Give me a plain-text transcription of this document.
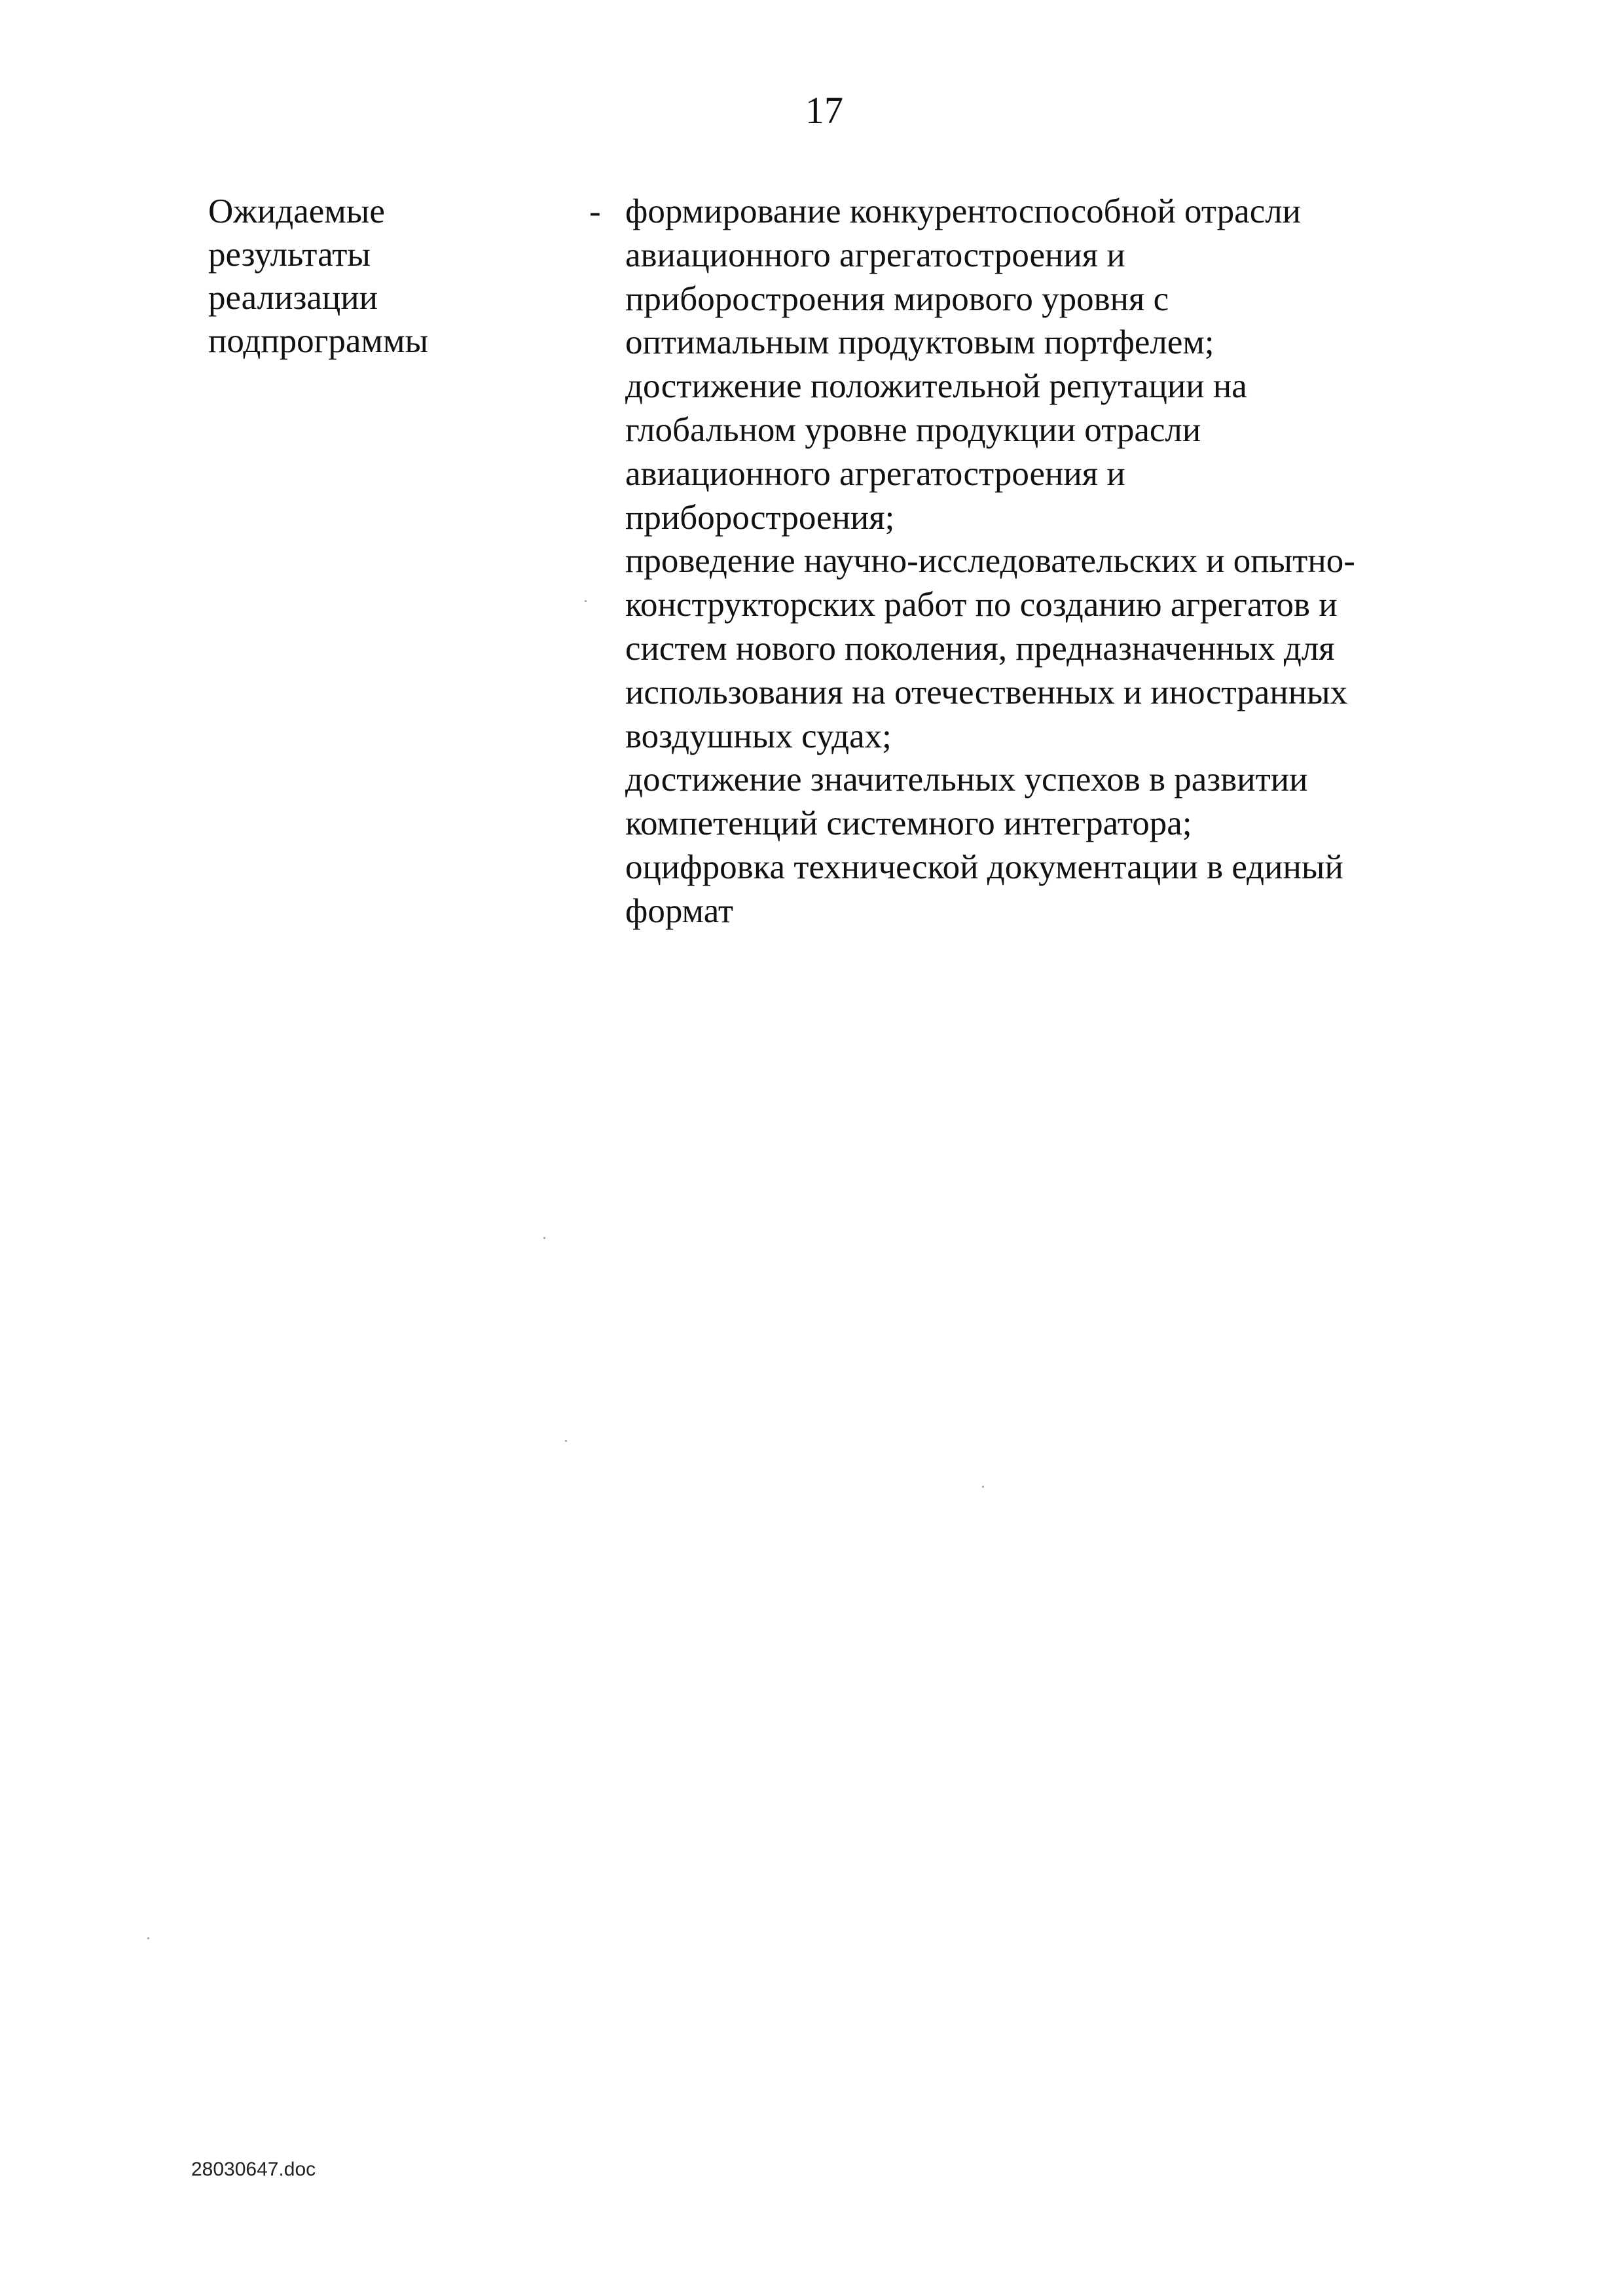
17
Ожидаемые
результаты
реализации
подпрограммы
- формирование конкурентоспособной отрасли
авиационного агрегатостроения и
приборостроения мирового уровня с
оптимальным продуктовым портфелем;
достижение положительной репутации на
глобальном уровне продукции отрасли
авиационного агрегатостроения и
приборостроения;
проведение научно-исследовательских и опытно-
конструкторских работ по созданию агрегатов и
систем нового поколения, предназначенных для
использования на отечественных и иностранных
воздушных судах;
достижение значительных успехов в развитии
компетенций системного интегратора;
оцифровка технической документации в единый
формат
28030647.doc
